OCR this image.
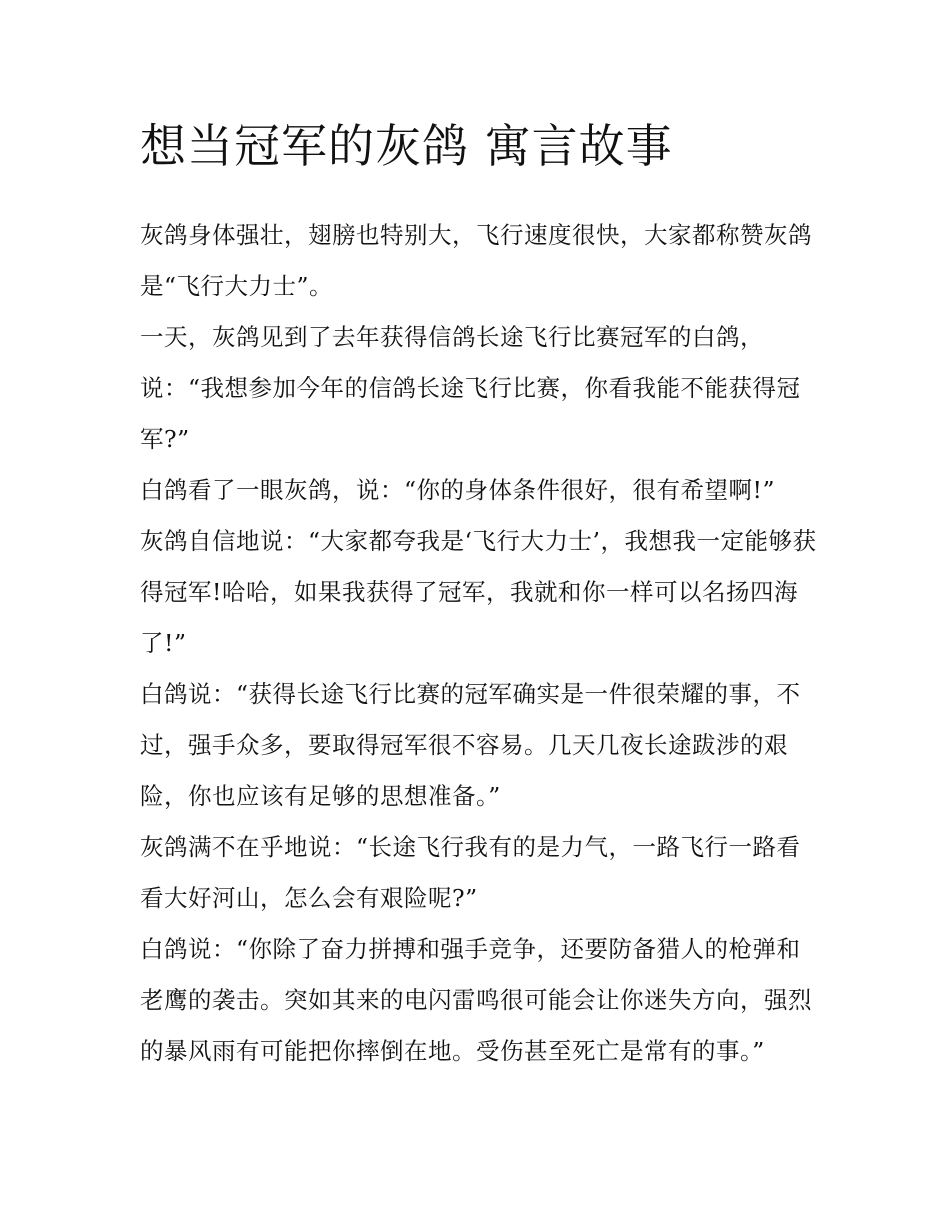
想当冠军的灰鸽 寓言故事

灰鸽身体强壮，翅膀也特别大，飞行速度很快，大家都称赞灰鸽是“飞行大力士”。

一天，灰鸽见到了去年获得信鸽长途飞行比赛冠军的白鸽，说：“我想参加今年的信鸽长途飞行比赛，你看我能不能获得冠军?”

白鸽看了一眼灰鸽，说：“你的身体条件很好，很有希望啊!”

灰鸽自信地说：“大家都夸我是‘飞行大力士’，我想我一定能够获得冠军!哈哈，如果我获得了冠军，我就和你一样可以名扬四海了!”

白鸽说：“获得长途飞行比赛的冠军确实是一件很荣耀的事，不过，强手众多，要取得冠军很不容易。几天几夜长途跋涉的艰险，你也应该有足够的思想准备。”

灰鸽满不在乎地说：“长途飞行我有的是力气，一路飞行一路看看大好河山，怎么会有艰险呢?”

白鸽说：“你除了奋力拼搏和强手竞争，还要防备猎人的枪弹和老鹰的袭击。突如其来的电闪雷鸣很可能会让你迷失方向，强烈的暴风雨有可能把你摔倒在地。受伤甚至死亡是常有的事。”
